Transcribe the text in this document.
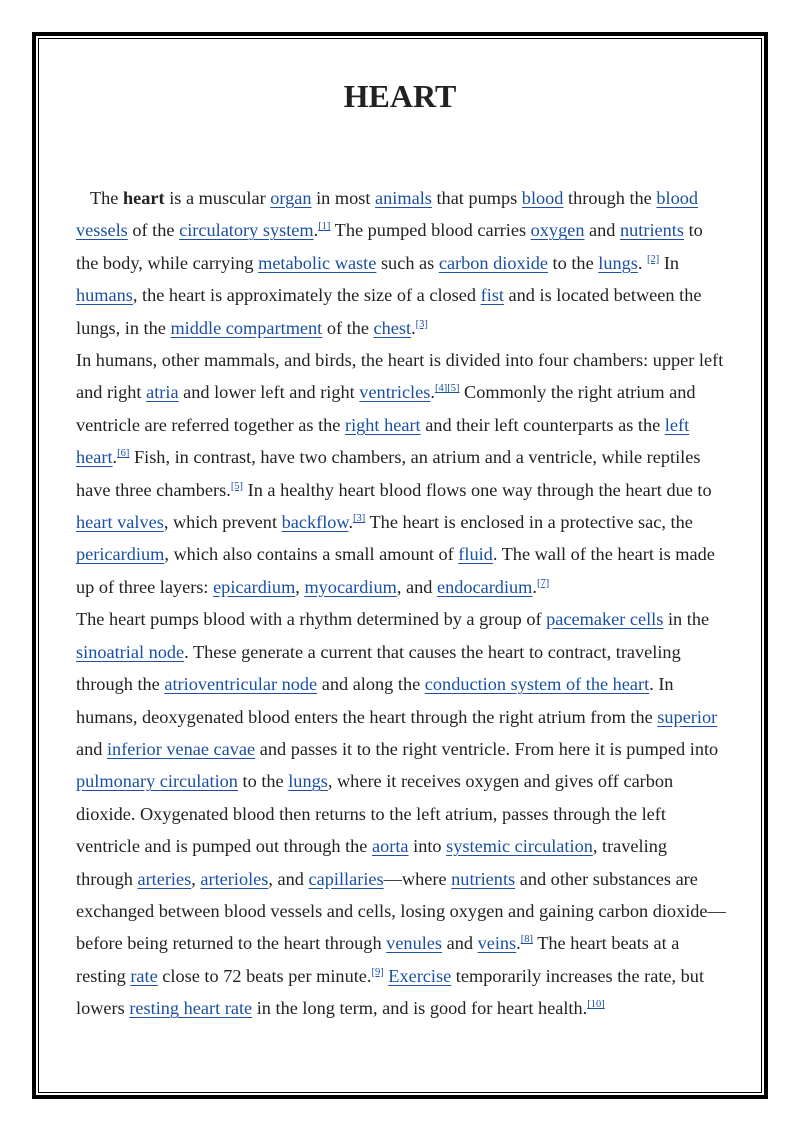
HEART

The heart is a muscular organ in most animals that pumps blood through the blood vessels of the circulatory system.[1] The pumped blood carries oxygen and nutrients to the body, while carrying metabolic waste such as carbon dioxide to the lungs. [2] In humans, the heart is approximately the size of a closed fist and is located between the lungs, in the middle compartment of the chest.[3]

In humans, other mammals, and birds, the heart is divided into four chambers: upper left and right atria and lower left and right ventricles.[4][5] Commonly the right atrium and ventricle are referred together as the right heart and their left counterparts as the left heart.[6] Fish, in contrast, have two chambers, an atrium and a ventricle, while reptiles have three chambers.[5] In a healthy heart blood flows one way through the heart due to heart valves, which prevent backflow.[3] The heart is enclosed in a protective sac, the pericardium, which also contains a small amount of fluid. The wall of the heart is made up of three layers: epicardium, myocardium, and endocardium.[7]

The heart pumps blood with a rhythm determined by a group of pacemaker cells in the sinoatrial node. These generate a current that causes the heart to contract, traveling through the atrioventricular node and along the conduction system of the heart. In humans, deoxygenated blood enters the heart through the right atrium from the superior and inferior venae cavae and passes it to the right ventricle. From here it is pumped into pulmonary circulation to the lungs, where it receives oxygen and gives off carbon dioxide. Oxygenated blood then returns to the left atrium, passes through the left ventricle and is pumped out through the aorta into systemic circulation, traveling through arteries, arterioles, and capillaries—where nutrients and other substances are exchanged between blood vessels and cells, losing oxygen and gaining carbon dioxide—before being returned to the heart through venules and veins.[8] The heart beats at a resting rate close to 72 beats per minute.[9] Exercise temporarily increases the rate, but lowers resting heart rate in the long term, and is good for heart health.[10]
